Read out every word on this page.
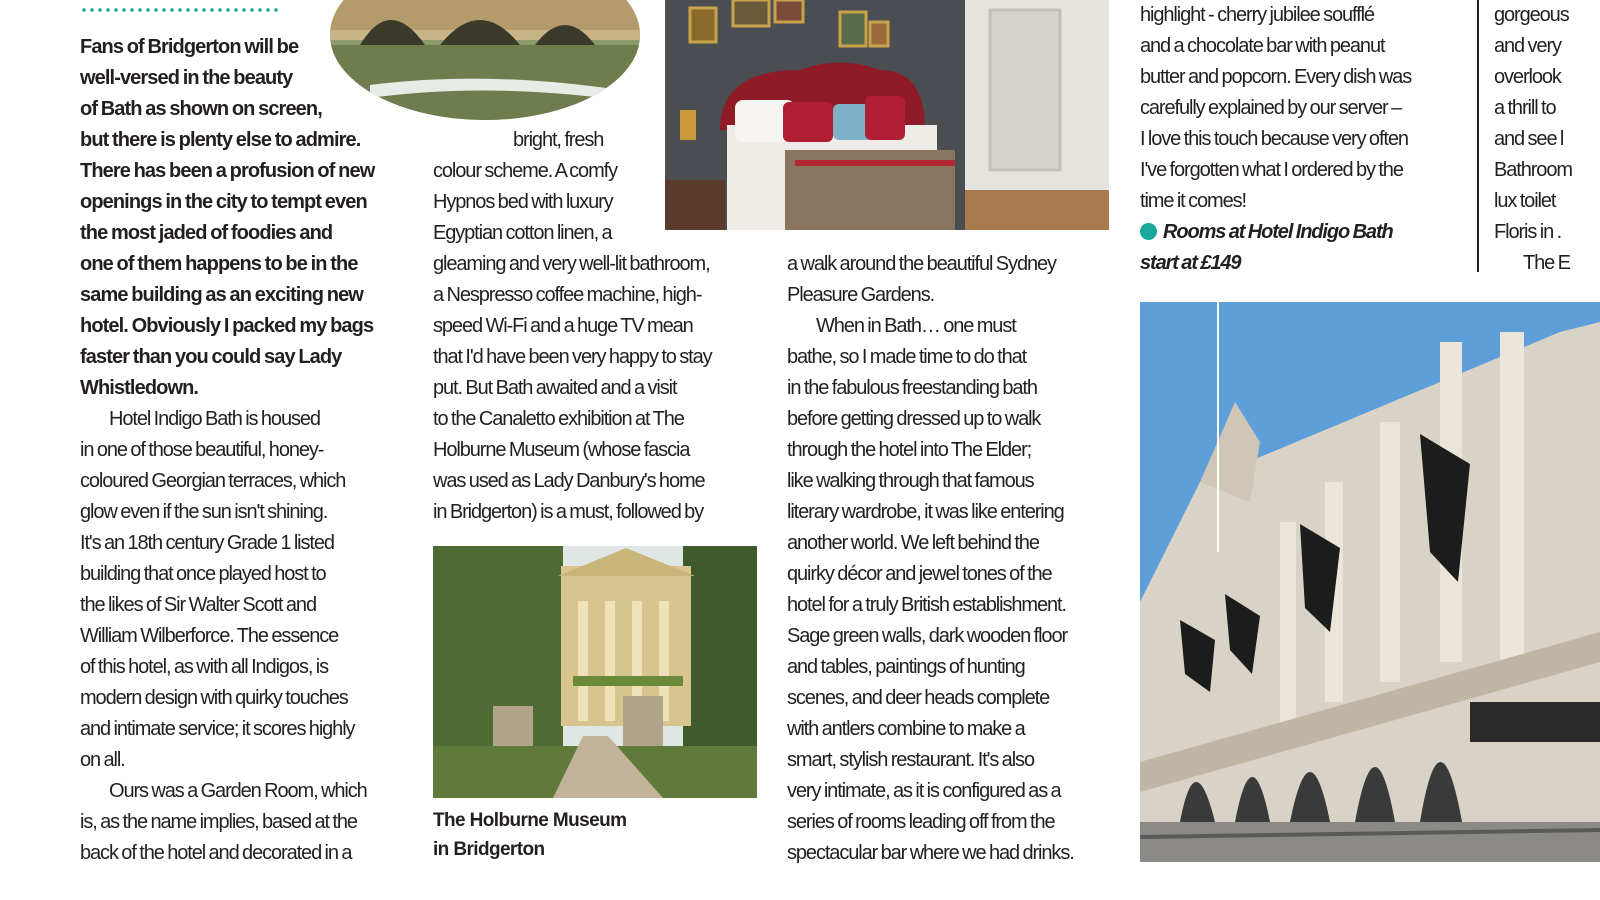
Fans of Bridgerton will be
well-versed in the beauty
of Bath as shown on screen,
but there is plenty else to admire.
There has been a profusion of new
openings in the city to tempt even
the most jaded of foodies and
one of them happens to be in the
same building as an exciting new
hotel. Obviously I packed my bags
faster than you could say Lady
Whistledown.

Hotel Indigo Bath is housed
in one of those beautiful, honey-
coloured Georgian terraces, which
glow even if the sun isn't shining.
It's an 18th century Grade 1 listed
building that once played host to
the likes of Sir Walter Scott and
William Wilberforce. The essence
of this hotel, as with all Indigos, is
modern design with quirky touches
and intimate service; it scores highly
on all.

Ours was a Garden Room, which
is, as the name implies, based at the
back of the hotel and decorated in a

bright, fresh
colour scheme. A comfy
Hypnos bed with luxury
Egyptian cotton linen, a
gleaming and very well-lit bathroom,
a Nespresso coffee machine, high-
speed Wi-Fi and a huge TV mean
that I'd have been very happy to stay
put. But Bath awaited and a visit
to the Canaletto exhibition at The
Holburne Museum (whose fascia
was used as Lady Danbury's home
in Bridgerton) is a must, followed by

The Holburne Museum
in Bridgerton

a walk around the beautiful Sydney
Pleasure Gardens.

When in Bath… one must
bathe, so I made time to do that
in the fabulous freestanding bath
before getting dressed up to walk
through the hotel into The Elder;
like walking through that famous
literary wardrobe, it was like entering
another world. We left behind the
quirky décor and jewel tones of the
hotel for a truly British establishment.
Sage green walls, dark wooden floor
and tables, paintings of hunting
scenes, and deer heads complete
with antlers combine to make a
smart, stylish restaurant. It's also
very intimate, as it is configured as a
series of rooms leading off from the
spectacular bar where we had drinks.

highlight - cherry jubilee soufflé
and a chocolate bar with peanut
butter and popcorn. Every dish was
carefully explained by our server –
I love this touch because very often
I've forgotten what I ordered by the
time it comes!

Rooms at Hotel Indigo Bath
start at £149

gorgeous
and very
overlook
a thrill to
and see l
Bathroom
lux toilet
Floris in .
The E
